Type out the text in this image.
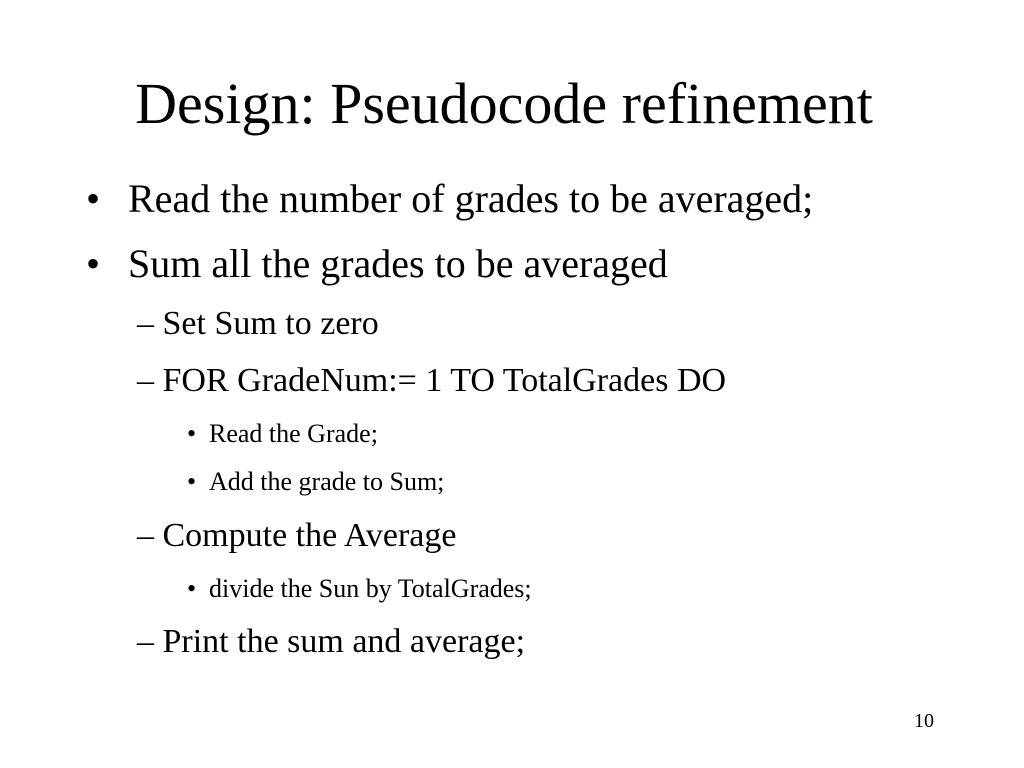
Design: Pseudocode refinement
• Read the number of grades to be averaged;
• Sum all the grades to be averaged
– Set Sum to zero
– FOR GradeNum:= 1 TO TotalGrades DO
• Read the Grade;
• Add the grade to Sum;
– Compute the Average
• divide the Sun by TotalGrades;
– Print the sum and average;
10
